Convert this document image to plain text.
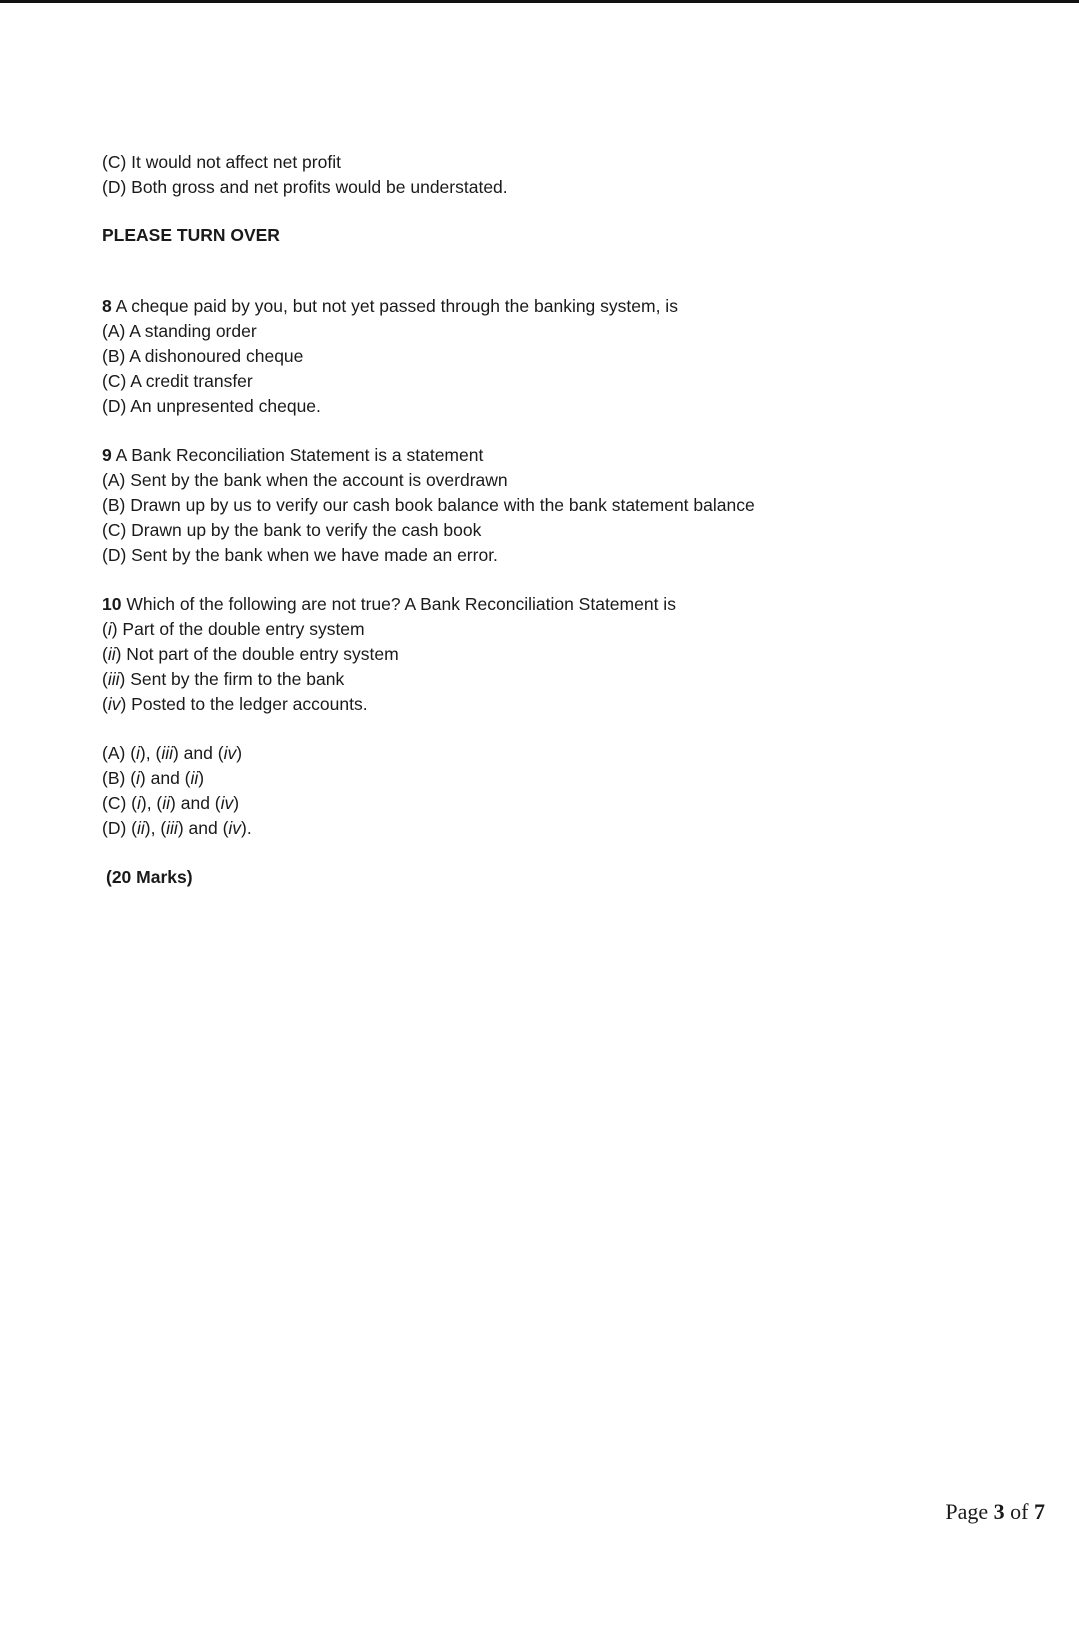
(C) It would not affect net profit
(D) Both gross and net profits would be understated.
PLEASE TURN OVER
8 A cheque paid by you, but not yet passed through the banking system, is
(A) A standing order
(B) A dishonoured cheque
(C) A credit transfer
(D) An unpresented cheque.
9 A Bank Reconciliation Statement is a statement
(A) Sent by the bank when the account is overdrawn
(B) Drawn up by us to verify our cash book balance with the bank statement balance
(C) Drawn up by the bank to verify the cash book
(D) Sent by the bank when we have made an error.
10 Which of the following are not true? A Bank Reconciliation Statement is
(i) Part of the double entry system
(ii) Not part of the double entry system
(iii) Sent by the firm to the bank
(iv) Posted to the ledger accounts.
(A) (i), (iii) and (iv)
(B) (i) and (ii)
(C) (i), (ii) and (iv)
(D) (ii), (iii) and (iv).
(20 Marks)
Page 3 of 7
